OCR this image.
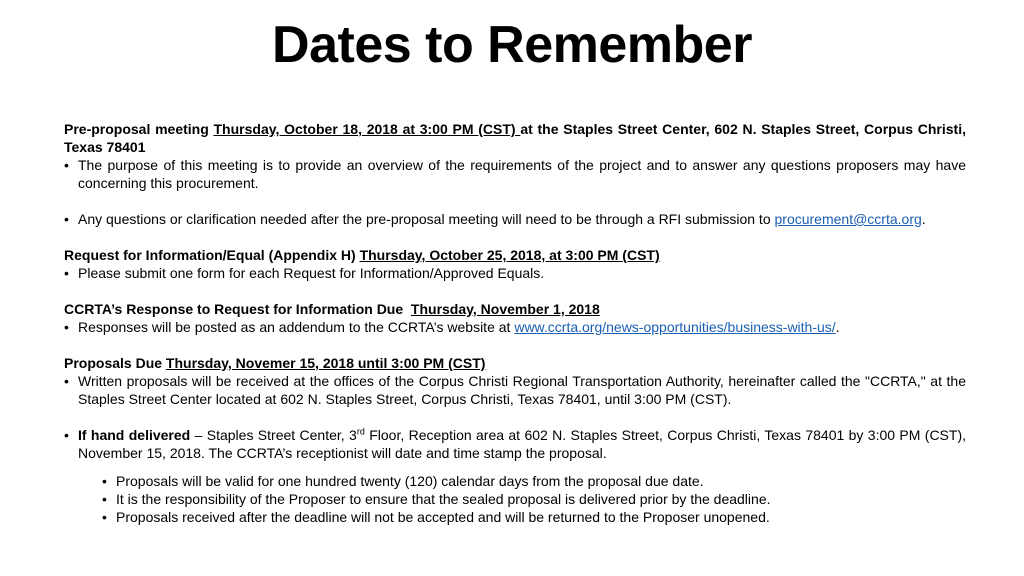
Dates to Remember

Pre-proposal meeting Thursday, October 18, 2018 at 3:00 PM (CST) at the Staples Street Center, 602 N. Staples Street, Corpus Christi, Texas 78401

• The purpose of this meeting is to provide an overview of the requirements of the project and to answer any questions proposers may have concerning this procurement.
• Any questions or clarification needed after the pre-proposal meeting will need to be through a RFI submission to procurement@ccrta.org.

Request for Information/Equal (Appendix H) Thursday, October 25, 2018, at 3:00 PM (CST)

• Please submit one form for each Request for Information/Approved Equals.

CCRTA’s Response to Request for Information Due  Thursday, November 1, 2018

• Responses will be posted as an addendum to the CCRTA’s website at www.ccrta.org/news-opportunities/business-with-us/.

Proposals Due Thursday, Novemer 15, 2018 until 3:00 PM (CST)

• Written proposals will be received at the offices of the Corpus Christi Regional Transportation Authority, hereinafter called the "CCRTA," at the Staples Street Center located at 602 N. Staples Street, Corpus Christi, Texas 78401, until 3:00 PM (CST).
• If hand delivered – Staples Street Center, 3rd Floor, Reception area at 602 N. Staples Street, Corpus Christi, Texas 78401 by 3:00 PM (CST), November 15, 2018. The CCRTA’s receptionist will date and time stamp the proposal.
• Proposals will be valid for one hundred twenty (120) calendar days from the proposal due date.
• It is the responsibility of the Proposer to ensure that the sealed proposal is delivered prior by the deadline.
• Proposals received after the deadline will not be accepted and will be returned to the Proposer unopened.
